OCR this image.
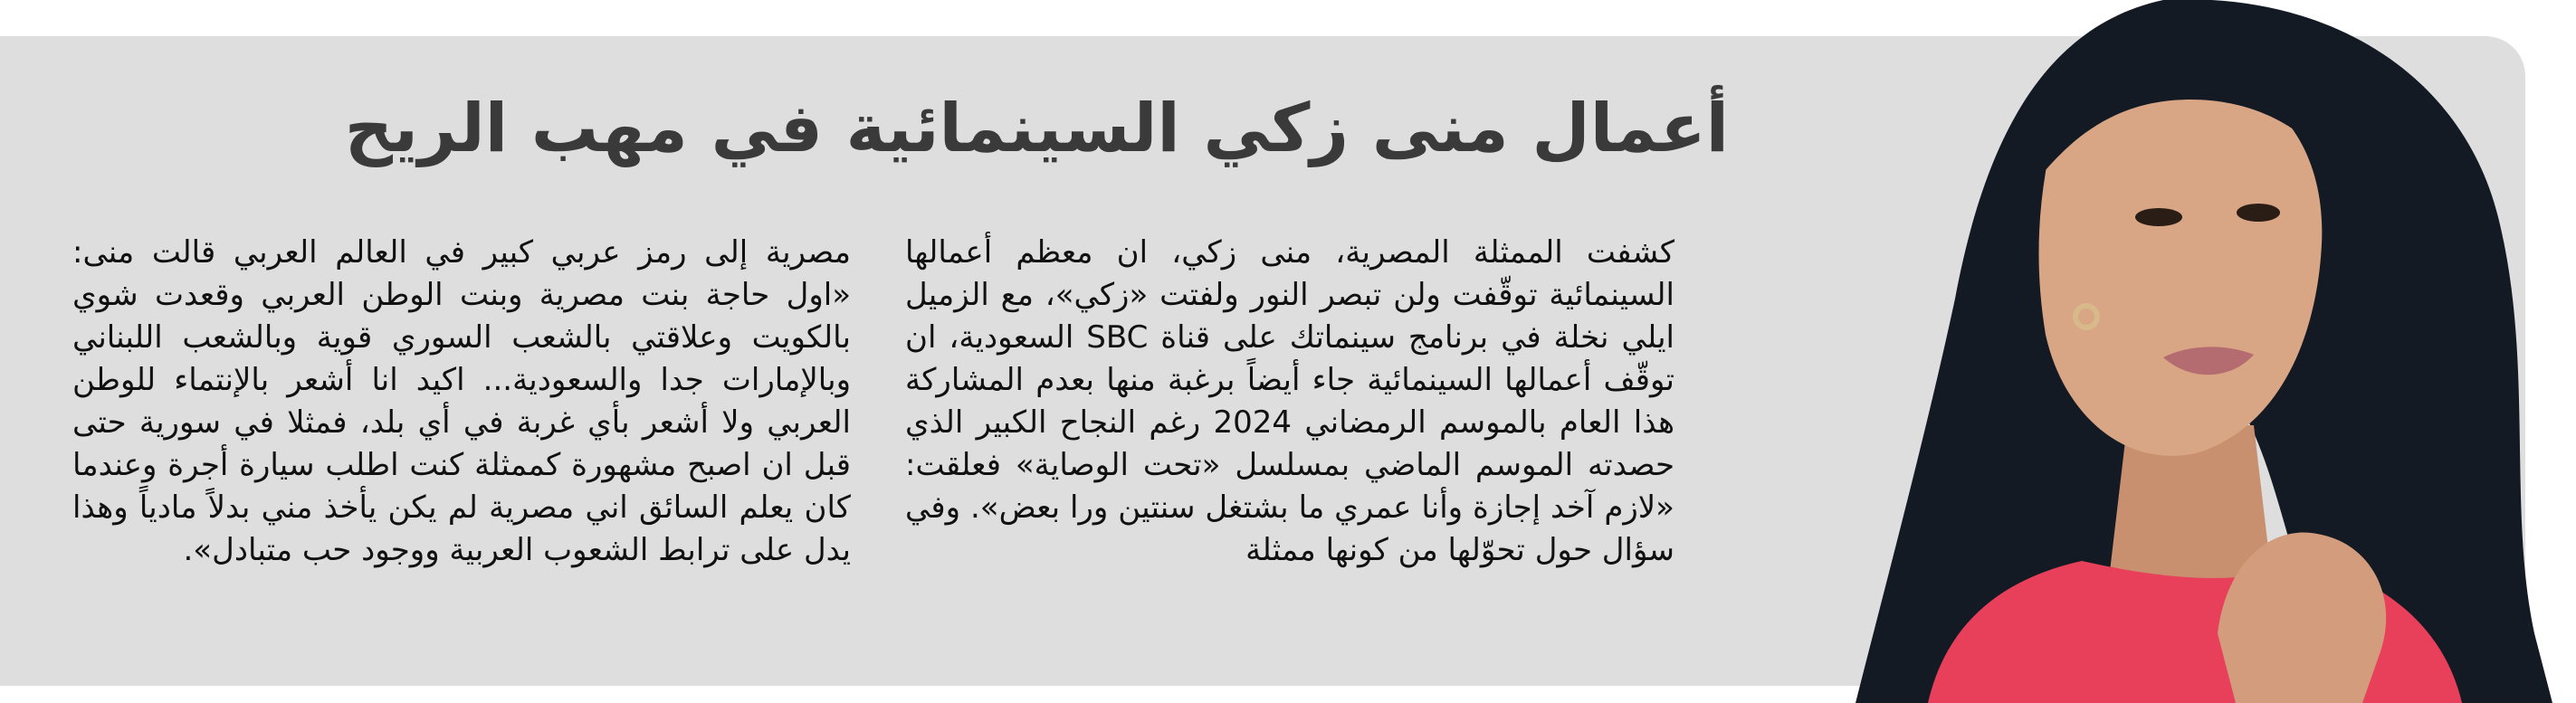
أعمال منى زكي السينمائية في مهب الريح

كشفت الممثلة المصرية، منى زكي، ان معظم أعمالها السينمائية توقّفت ولن تبصر النور ولفتت «زكي»، مع الزميل ايلي نخلة في برنامج سينماتك على قناة SBC السعودية، ان توقّف أعمالها السينمائية جاء أيضاً برغبة منها بعدم المشاركة هذا العام بالموسم الرمضاني 2024 رغم النجاح الكبير الذي حصدته الموسم الماضي بمسلسل «تحت الوصاية» فعلقت: «لازم آخد إجازة وأنا عمري ما بشتغل سنتين ورا بعض». وفي سؤال حول تحوّلها من كونها ممثلة

مصرية إلى رمز عربي كبير في العالم العربي قالت منى: «اول حاجة بنت مصرية وبنت الوطن العربي وقعدت شوي بالكويت وعلاقتي بالشعب السوري قوية وبالشعب اللبناني وبالإمارات جدا والسعودية... اكيد انا أشعر بالإنتماء للوطن العربي ولا أشعر بأي غربة في أي بلد، فمثلا في سورية حتى قبل ان اصبح مشهورة كممثلة كنت اطلب سيارة أجرة وعندما كان يعلم السائق اني مصرية لم يكن يأخذ مني بدلاً مادياً وهذا يدل على ترابط الشعوب العربية ووجود حب متبادل».
